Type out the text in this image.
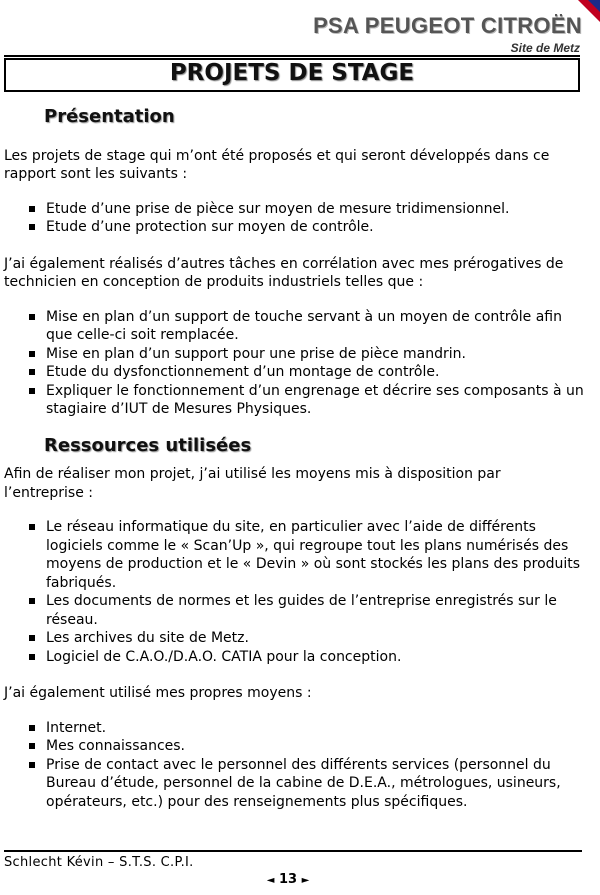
PSA PEUGEOT CITROËN
Site de Metz
PROJETS DE STAGE
Présentation

Les projets de stage qui m’ont été proposés et qui seront développés dans ce rapport sont les suivants :

Etude d’une prise de pièce sur moyen de mesure tridimensionnel.
Etude d’une protection sur moyen de contrôle.

J’ai également réalisés d’autres tâches en corrélation avec mes prérogatives de technicien en conception de produits industriels telles que :

Mise en plan d’un support de touche servant à un moyen de contrôle afin que celle-ci soit remplacée.
Mise en plan d’un support pour une prise de pièce mandrin.
Etude du dysfonctionnement d’un montage de contrôle.
Expliquer le fonctionnement d’un engrenage et décrire ses composants à un stagiaire d’IUT de Mesures Physiques.
Ressources utilisées

Afin de réaliser mon projet, j’ai utilisé les moyens mis à disposition par l’entreprise :

Le réseau informatique du site, en particulier avec l’aide de différents logiciels comme le « Scan’Up », qui regroupe tout les plans numérisés des moyens de production et le « Devin » où sont stockés les plans des produits fabriqués.
Les documents de normes et les guides de l’entreprise enregistrés sur le réseau.
Les archives du site de Metz.
Logiciel de C.A.O./D.A.O. CATIA pour la conception.

J’ai également utilisé mes propres moyens :

Internet.
Mes connaissances.
Prise de contact avec le personnel des différents services (personnel du Bureau d’étude, personnel de la cabine de D.E.A., métrologues, usineurs, opérateurs, etc.) pour des renseignements plus spécifiques.
Schlecht Kévin – S.T.S. C.P.I.
◄ 13 ►
